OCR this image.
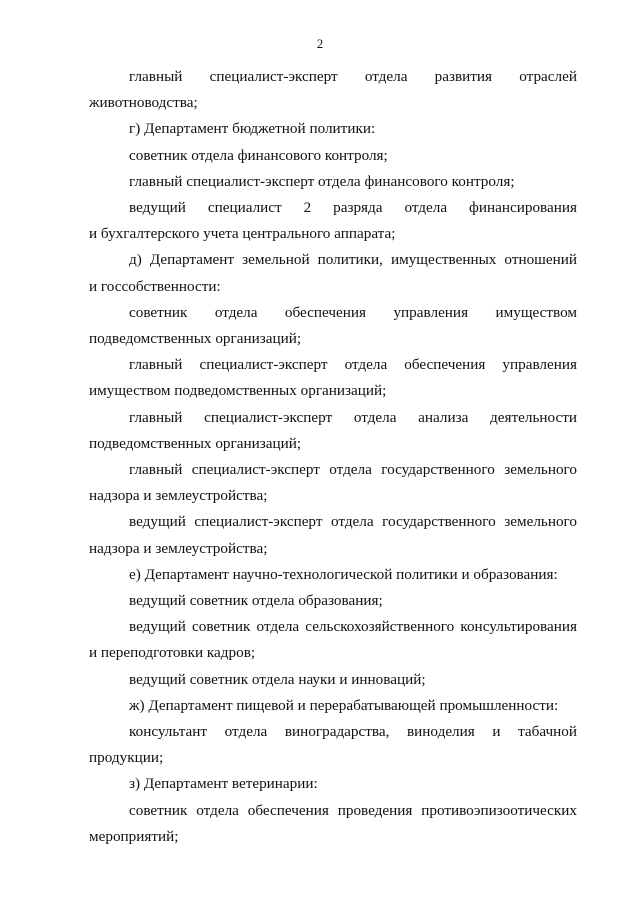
2
главный специалист-эксперт отдела развития отраслей
животноводства;
г) Департамент бюджетной политики:
советник отдела финансового контроля;
главный специалист-эксперт отдела финансового контроля;
ведущий специалист 2 разряда отдела финансирования
и бухгалтерского учета центрального аппарата;
д) Департамент земельной политики, имущественных отношений
и госсобственности:
советник отдела обеспечения управления имуществом
подведомственных организаций;
главный специалист-эксперт отдела обеспечения управления
имуществом подведомственных организаций;
главный специалист-эксперт отдела анализа деятельности
подведомственных организаций;
главный специалист-эксперт отдела государственного земельного
надзора и землеустройства;
ведущий специалист-эксперт отдела государственного земельного
надзора и землеустройства;
е) Департамент научно-технологической политики и образования:
ведущий советник отдела образования;
ведущий советник отдела сельскохозяйственного консультирования
и переподготовки кадров;
ведущий советник отдела науки и инноваций;
ж) Департамент пищевой и перерабатывающей промышленности:
консультант отдела виноградарства, виноделия и табачной
продукции;
з) Департамент ветеринарии:
советник отдела обеспечения проведения противоэпизоотических
мероприятий;
